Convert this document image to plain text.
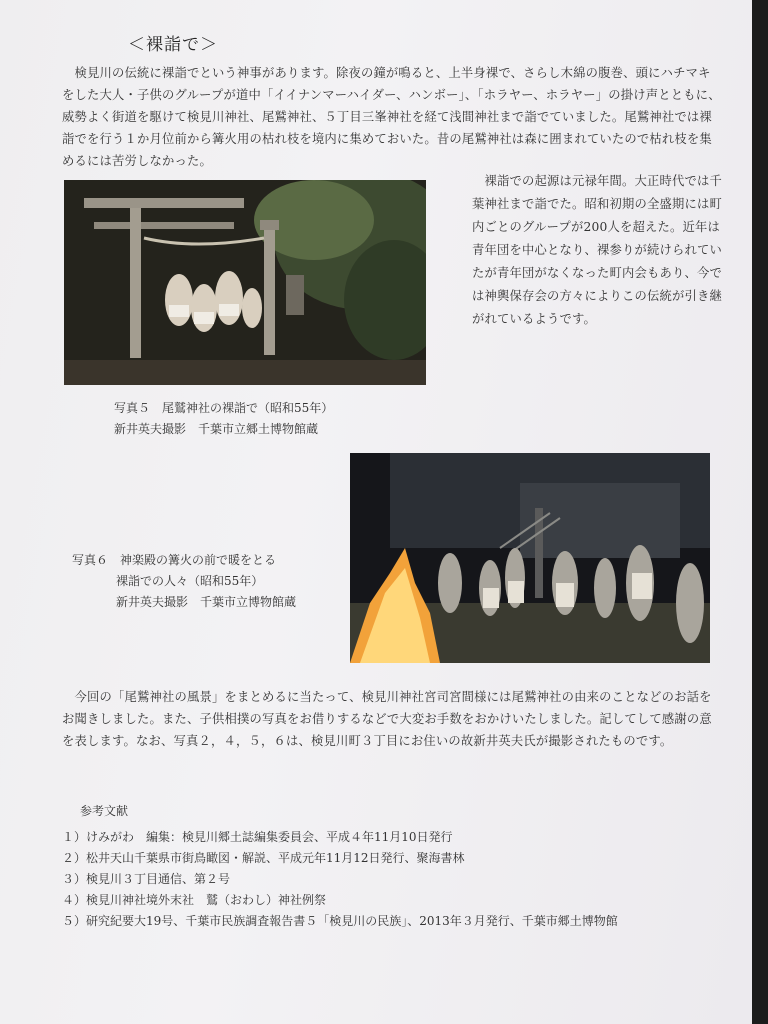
＜裸詣で＞
　検見川の伝統に裸詣でという神事があります。除夜の鐘が鳴ると、上半身裸で、さらし木綿の腹巻、頭にハチマキをした大人・子供のグループが道中「イイナンマーハイダー、ハンボー」、「ホラヤー、ホラヤー」の掛け声とともに、威勢よく街道を駆けて検見川神社、尾鷲神社、５丁目三峯神社を経て浅間神社まで詣でていました。尾鷲神社では裸詣でを行う１か月位前から篝火用の枯れ枝を境内に集めておいた。昔の尾鷲神社は森に囲まれていたので枯れ枝を集めるには苦労しなかった。
　裸詣での起源は元禄年間。大正時代では千葉神社まで詣でた。昭和初期の全盛期には町内ごとのグループが200人を超えた。近年は青年団を中心となり、裸参りが続けられていたが青年団がなくなった町内会もあり、今では神輿保存会の方々によりこの伝統が引き継がれているようです。
写真５　尾鷲神社の裸詣で（昭和55年）
新井英夫撮影　千葉市立郷土博物館蔵
写真６　神楽殿の篝火の前で暖をとる
裸詣での人々（昭和55年）
新井英夫撮影　千葉市立博物館蔵
　今回の「尾鷲神社の風景」をまとめるに当たって、検見川神社宮司宮間様には尾鷲神社の由来のことなどのお話をお聞きしました。また、子供相撲の写真をお借りするなどで大変お手数をおかけいたしました。記してして感謝の意を表します。なお、写真２，４，５，６は、検見川町３丁目にお住いの故新井英夫氏が撮影されたものです。
参考文献
１）けみがわ　編集：検見川郷土誌編集委員会、平成４年11月10日発行
２）松井天山千葉県市街鳥瞰図・解説、平成元年11月12日発行、聚海書林
３）検見川３丁目通信、第２号
４）検見川神社境外末社　鷲（おわし）神社例祭
５）研究紀要大19号、千葉市民族調査報告書５「検見川の民族」、2013年３月発行、千葉市郷土博物館
